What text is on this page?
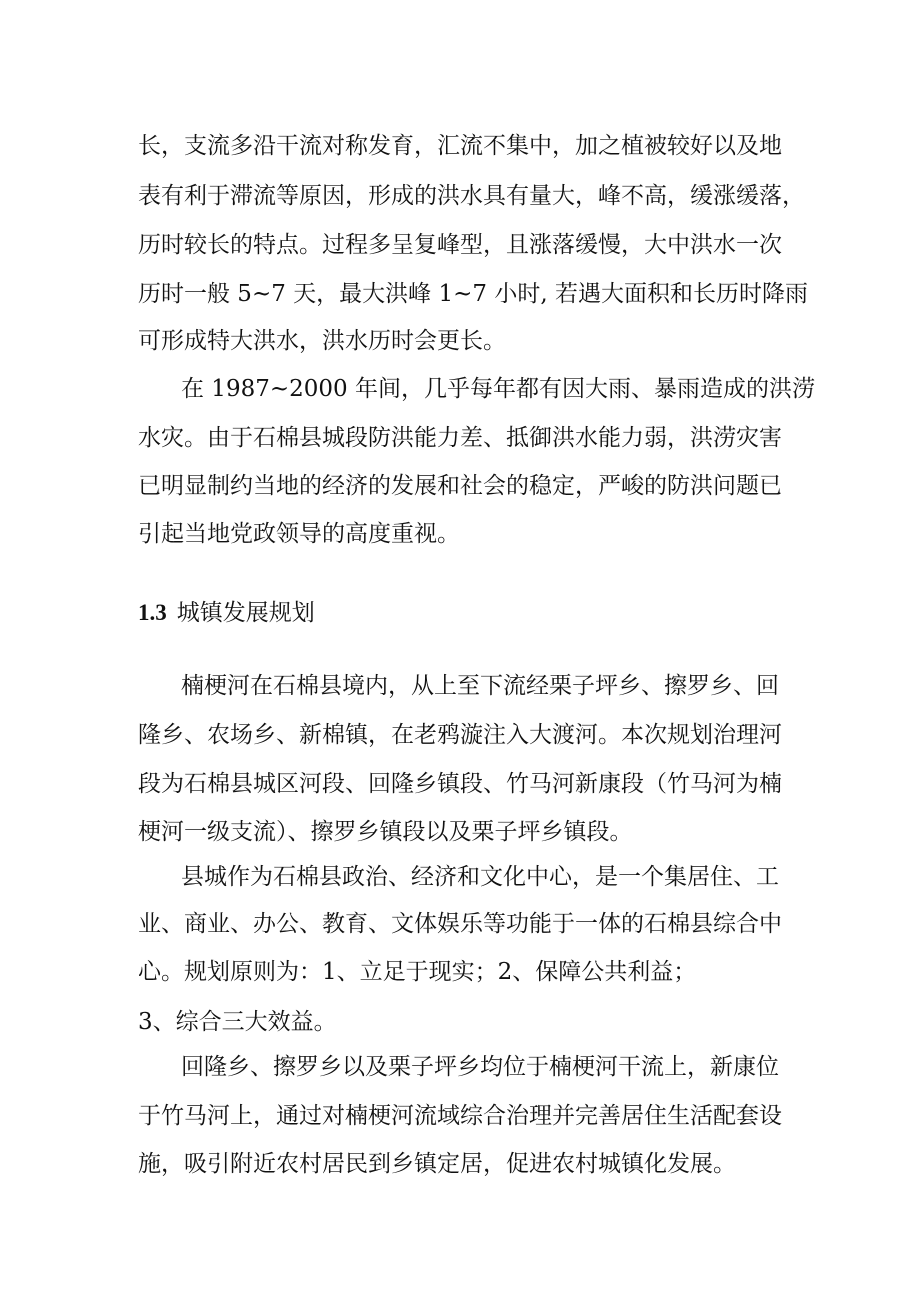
长，支流多沿干流对称发育，汇流不集中，加之植被较好以及地
表有利于滞流等原因，形成的洪水具有量大，峰不高，缓涨缓落，
历时较长的特点。过程多呈复峰型，且涨落缓慢，大中洪水一次
历时一般 5~7 天，最大洪峰 1~7 小时, 若遇大面积和长历时降雨
可形成特大洪水，洪水历时会更长。
在 1987~2000 年间，几乎每年都有因大雨、暴雨造成的洪涝
水灾。由于石棉县城段防洪能力差、抵御洪水能力弱，洪涝灾害
已明显制约当地的经济的发展和社会的稳定，严峻的防洪问题已
引起当地党政领导的高度重视。
1.3 城镇发展规划
楠梗河在石棉县境内，从上至下流经栗子坪乡、擦罗乡、回
隆乡、农场乡、新棉镇，在老鸦漩注入大渡河。本次规划治理河
段为石棉县城区河段、回隆乡镇段、竹马河新康段（竹马河为楠
梗河一级支流）、擦罗乡镇段以及栗子坪乡镇段。
县城作为石棉县政治、经济和文化中心，是一个集居住、工
业、商业、办公、教育、文体娱乐等功能于一体的石棉县综合中
心。规划原则为：1、立足于现实；2、保障公共利益；
3、综合三大效益。
回隆乡、擦罗乡以及栗子坪乡均位于楠梗河干流上，新康位
于竹马河上，通过对楠梗河流域综合治理并完善居住生活配套设
施，吸引附近农村居民到乡镇定居，促进农村城镇化发展。
